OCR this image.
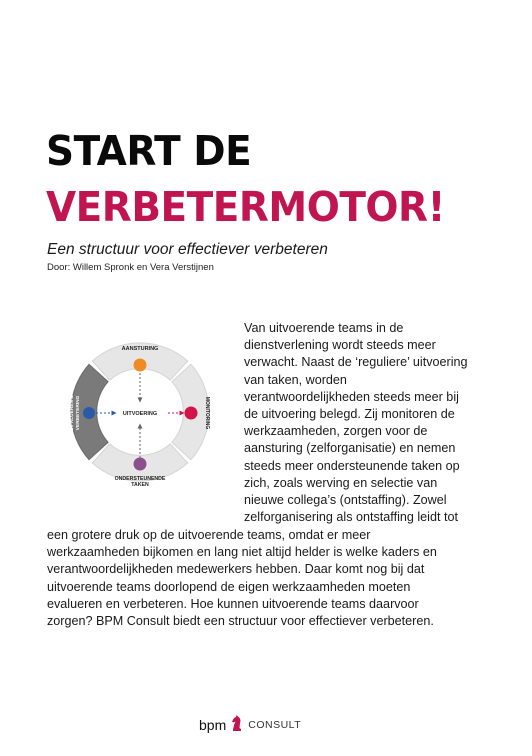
START DE
VERBETERMOTOR!
Een structuur voor effectiever verbeteren
Door: Willem Spronk en Vera Verstijnen
AANSTURING
UITVOERING	MONITORING
EV ALUEREN & VERBETERING
ONDERSTEUNENDE
TAKEN
Van uitvoerende teams in de
dienstverlening wordt steeds meer
verwacht. Naast de ‘reguliere’ uitvoering
van taken, worden
verantwoordelijkheden steeds meer bij
de uitvoering belegd. Zij monitoren de
werkzaamheden, zorgen voor de
aansturing (zelforganisatie) en nemen
steeds meer ondersteunende taken op
zich, zoals werving en selectie van
nieuwe collega’s (ontstaffing). Zowel
zelforganisering als ontstaffing leidt tot
een grotere druk op de uitvoerende teams, omdat er meer
werkzaamheden bijkomen en lang niet altijd helder is welke kaders en
verantwoordelijkheden medewerkers hebben. Daar komt nog bij dat
uitvoerende teams doorlopend de eigen werkzaamheden moeten
evalueren en verbeteren. Hoe kunnen uitvoerende teams daarvoor
zorgen? BPM Consult biedt een structuur voor effectiever verbeteren.
bpm CONSULT
